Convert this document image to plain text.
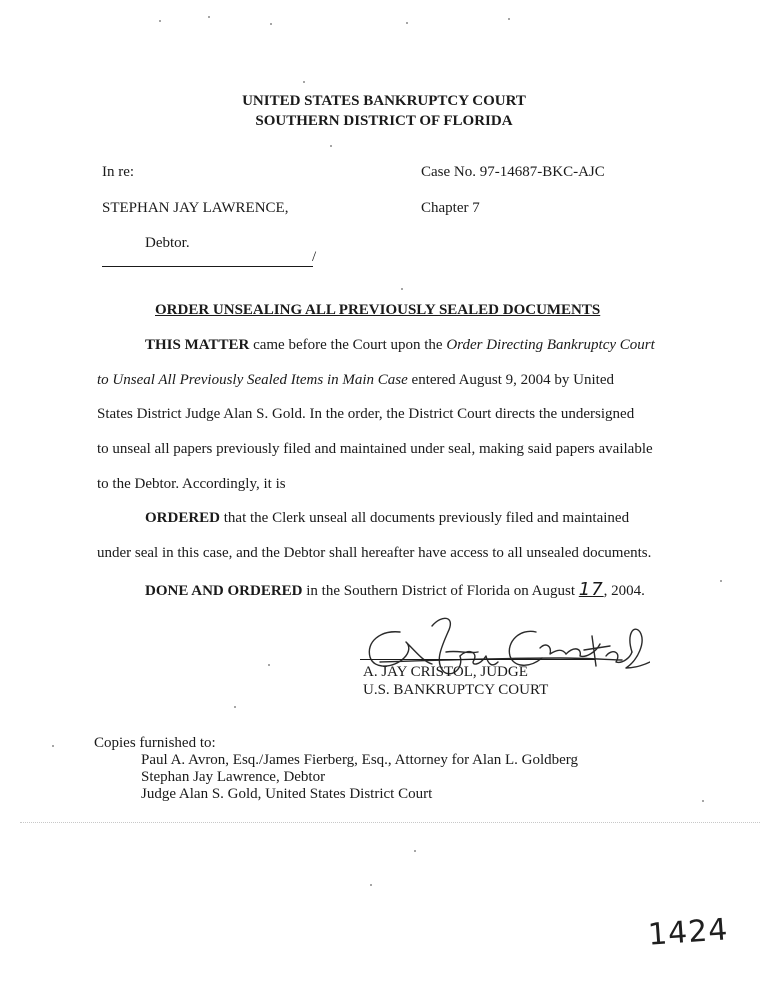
UNITED STATES BANKRUPTCY COURT
SOUTHERN DISTRICT OF FLORIDA
In re:	Case No. 97-14687-BKC-AJC
STEPHAN JAY LAWRENCE,	Chapter 7
Debtor.
/
ORDER UNSEALING ALL PREVIOUSLY SEALED DOCUMENTS
THIS MATTER came before the Court upon the Order Directing Bankruptcy Court
to Unseal All Previously Sealed Items in Main Case entered August 9, 2004 by United
States District Judge Alan S. Gold. In the order, the District Court directs the undersigned
to unseal all papers previously filed and maintained under seal, making said papers available
to the Debtor. Accordingly, it is
ORDERED that the Clerk unseal all documents previously filed and maintained
under seal in this case, and the Debtor shall hereafter have access to all unsealed documents.
DONE AND ORDERED in the Southern District of Florida on August 17, 2004.
A. JAY CRISTOL, JUDGE
U.S. BANKRUPTCY COURT
Copies furnished to:
Paul A. Avron, Esq./James Fierberg, Esq., Attorney for Alan L. Goldberg
Stephan Jay Lawrence, Debtor
Judge Alan S. Gold, United States District Court
1424
